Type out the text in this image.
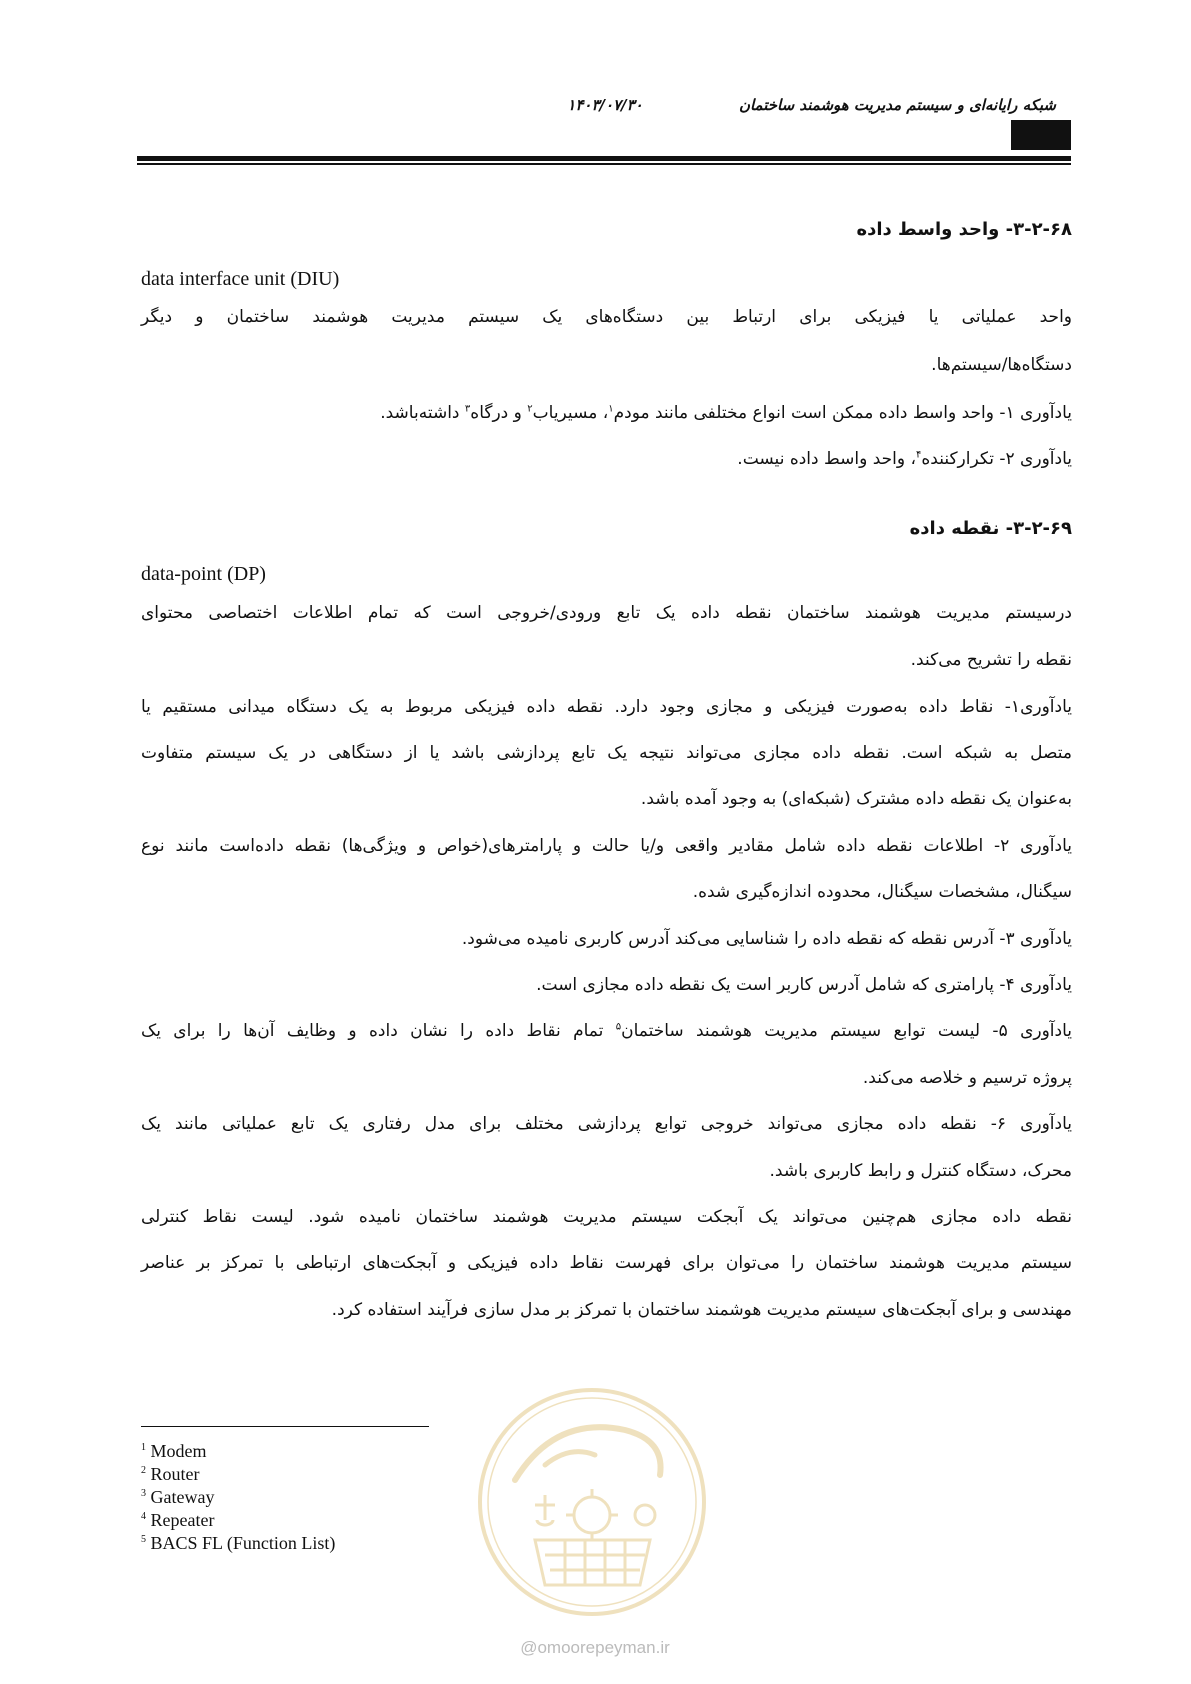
شبکه رایانه‌ای و سیستم مدیریت هوشمند ساختمان
۱۴۰۳/۰۷/۳۰
۳-۲-۶۸- واحد واسط داده
data interface unit (DIU)
واحد عملیاتی یا فیزیکی برای ارتباط بین دستگاه‌های یک سیستم مدیریت هوشمند ساختمان و دیگر
دستگاه‌ها/سیستم‌ها.
یادآوری ۱- واحد واسط داده ممکن است انواع مختلفی مانند مودم$^۱$، مسیریاب$^۲$ و درگاه$^۳$ داشته‌باشد.
یادآوری ۲- تکرارکننده$^۴$، واحد واسط داده نیست.
۳-۲-۶۹- نقطه داده
data-point (DP)
درسیستم مدیریت هوشمند ساختمان نقطه داده یک تابع ورودی/خروجی است که تمام اطلاعات اختصاصی محتوای
نقطه را تشریح می‌کند.
یادآوری۱- نقاط داده به‌صورت فیزیکی و مجازی وجود دارد. نقطه داده فیزیکی مربوط به یک دستگاه میدانی مستقیم یا
متصل به شبکه است. نقطه داده مجازی می‌تواند نتیجه یک تابع پردازشی باشد یا از دستگاهی در یک سیستم متفاوت
به‌عنوان یک نقطه داده مشترک (شبکه‌ای) به وجود آمده باشد.
یادآوری ۲- اطلاعات نقطه داده شامل مقادیر واقعی و/یا حالت و پارامترهای(خواص و ویژگی‌ها) نقطه داده‌است مانند نوع
سیگنال، مشخصات سیگنال، محدوده اندازه‌گیری شده.
یادآوری ۳- آدرس نقطه که نقطه داده را شناسایی می‌کند آدرس کاربری نامیده می‌شود.
یادآوری ۴- پارامتری که شامل آدرس کاربر است یک نقطه داده مجازی است.
یادآوری ۵- لیست توابع سیستم مدیریت هوشمند ساختمان$^۵$ تمام نقاط داده را نشان داده و وظایف آن‌ها را برای یک
پروژه ترسیم و خلاصه می‌کند.
یادآوری ۶- نقطه داده مجازی می‌تواند خروجی توابع پردازشی مختلف برای مدل رفتاری یک تابع عملیاتی مانند یک
محرک، دستگاه کنترل و رابط کاربری باشد.
نقطه داده مجازی هم‌چنین می‌تواند یک آبجکت سیستم مدیریت هوشمند ساختمان نامیده شود. لیست نقاط کنترلی
سیستم مدیریت هوشمند ساختمان را می‌توان برای فهرست نقاط داده فیزیکی و آبجکت‌های ارتباطی با تمرکز بر عناصر
مهندسی و برای آبجکت‌های سیستم مدیریت هوشمند ساختمان با تمرکز بر مدل سازی فرآیند استفاده کرد.
$^1$ Modem
$^2$ Router
$^3$ Gateway
$^4$ Repeater
$^5$ BACS FL (Function List)
@omoorepeyman.ir
